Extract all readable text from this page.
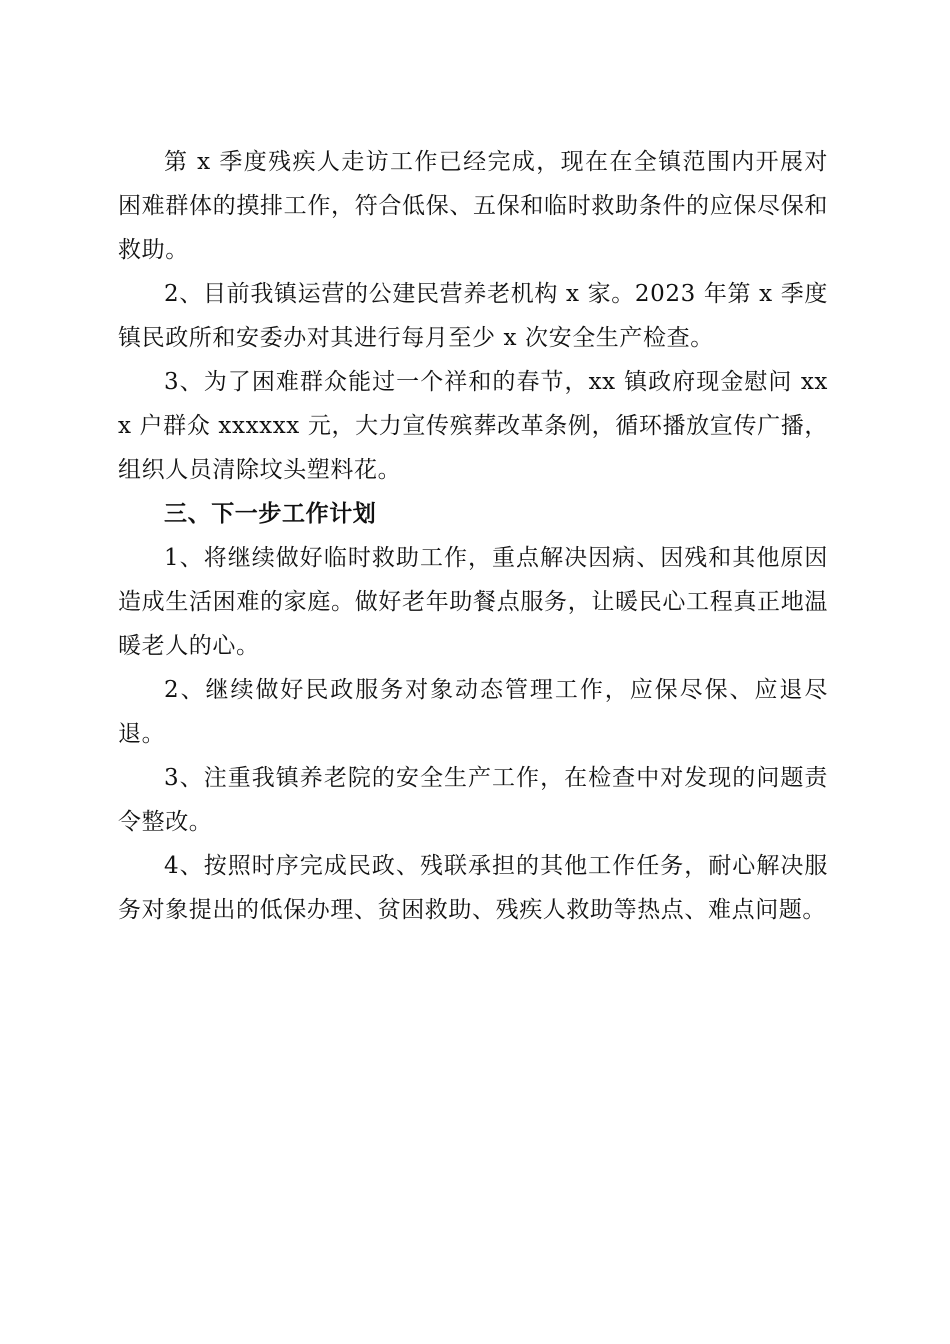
第 x 季度残疾人走访工作已经完成，现在在全镇范围内开展对困难群体的摸排工作，符合低保、五保和临时救助条件的应保尽保和救助。

2、目前我镇运营的公建民营养老机构 x 家。2023 年第 x 季度镇民政所和安委办对其进行每月至少 x 次安全生产检查。

3、为了困难群众能过一个祥和的春节，xx 镇政府现金慰问 xxx 户群众 xxxxxx 元，大力宣传殡葬改革条例，循环播放宣传广播，组织人员清除坟头塑料花。

三、下一步工作计划

1、将继续做好临时救助工作，重点解决因病、因残和其他原因造成生活困难的家庭。做好老年助餐点服务，让暖民心工程真正地温暖老人的心。

2、继续做好民政服务对象动态管理工作，应保尽保、应退尽退。

3、注重我镇养老院的安全生产工作，在检查中对发现的问题责令整改。

4、按照时序完成民政、残联承担的其他工作任务，耐心解决服务对象提出的低保办理、贫困救助、残疾人救助等热点、难点问题。
